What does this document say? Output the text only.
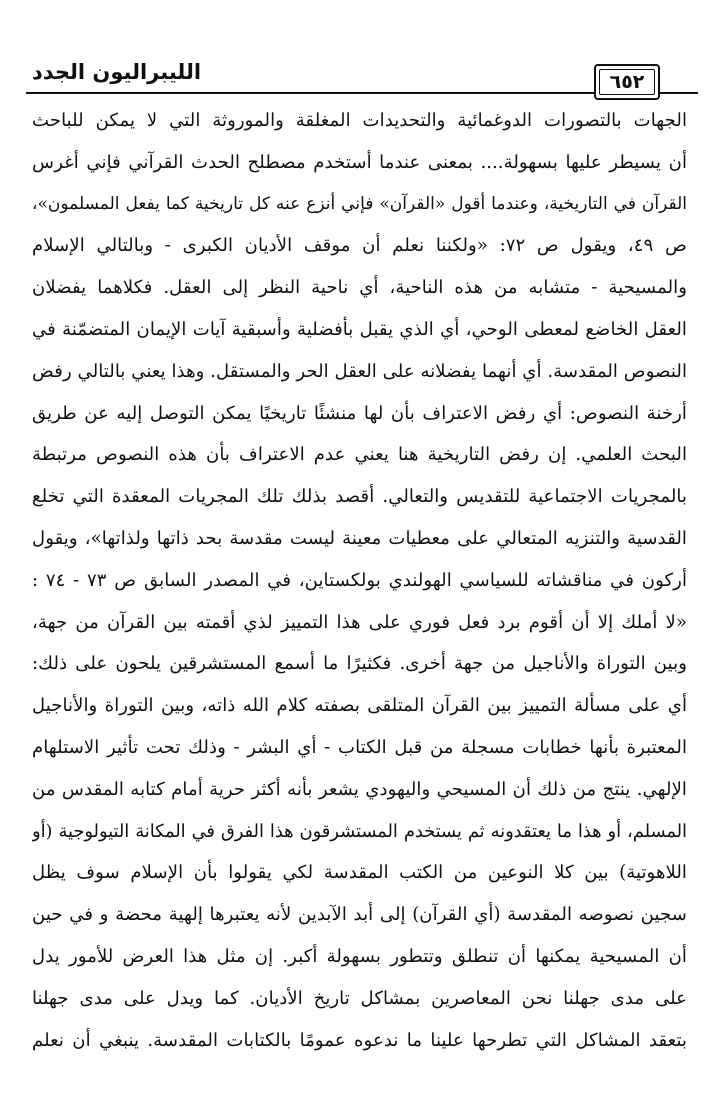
الليبراليون الجدد	٦٥٢
الجهات بالتصورات الدوغمائية والتحديدات المغلقة والموروثة التي لا يمكن للباحث
أن يسيطر عليها بسهولة.... بمعنى عندما أستخدم مصطلح الحدث القرآني فإني أغرس
القرآن في التاريخية، وعندما أقول «القرآن» فإني أنزع عنه كل تاريخية كما يفعل المسلمون»،
ص ٤٩، ويقول ص ٧٢: «ولكننا نعلم أن موقف الأديان الكبرى - وبالتالي الإسلام
والمسيحية - متشابه من هذه الناحية، أي ناحية النظر إلى العقل. فكلاهما يفضلان
العقل الخاضع لمعطى الوحي، أي الذي يقبل بأفضلية وأسبقية آيات الإيمان المتضمّنة في
النصوص المقدسة. أي أنهما يفضلانه على العقل الحر والمستقل. وهذا يعني بالتالي رفض
أرخنة النصوص: أي رفض الاعتراف بأن لها منشئًا تاريخيًا يمكن التوصل إليه عن طريق
البحث العلمي. إن رفض التاريخية هنا يعني عدم الاعتراف بأن هذه النصوص مرتبطة
بالمجريات الاجتماعية للتقديس والتعالي. أقصد بذلك تلك المجريات المعقدة التي تخلع
القدسية والتنزيه المتعالي على معطيات معينة ليست مقدسة بحد ذاتها ولذاتها»، ويقول
أركون في مناقشاته للسياسي الهولندي بولكستاين، في المصدر السابق ص ٧٣ - ٧٤ :
«لا أملك إلا أن أقوم برد فعل فوري على هذا التمييز لذي أقمته بين القرآن من جهة،
وبين التوراة والأناجيل من جهة أخرى. فكثيرًا ما أسمع المستشرقين يلحون على ذلك:
أي على مسألة التمييز بين القرآن المتلقى بصفته كلام الله ذاته، وبين التوراة والأناجيل
المعتبرة بأنها خطابات مسجلة من قبل الكتاب - أي البشر - وذلك تحت تأثير الاستلهام
الإلهي. ينتج من ذلك أن المسيحي واليهودي يشعر بأنه أكثر حرية أمام كتابه المقدس من
المسلم، أو هذا ما يعتقدونه ثم يستخدم المستشرقون هذا الفرق في المكانة التيولوجية (أو
اللاهوتية) بين كلا النوعين من الكتب المقدسة لكي يقولوا بأن الإسلام سوف يظل
سجين نصوصه المقدسة (أي القرآن) إلى أبد الآبدين لأنه يعتبرها إلهية محضة و في حين
أن المسيحية يمكنها أن تنطلق وتتطور بسهولة أكبر. إن مثل هذا العرض للأمور يدل
على مدى جهلنا نحن المعاصرين بمشاكل تاريخ الأديان. كما ويدل على مدى جهلنا
بتعقد المشاكل التي تطرحها علينا ما ندعوه عمومًا بالكتابات المقدسة. ينبغي أن نعلم
